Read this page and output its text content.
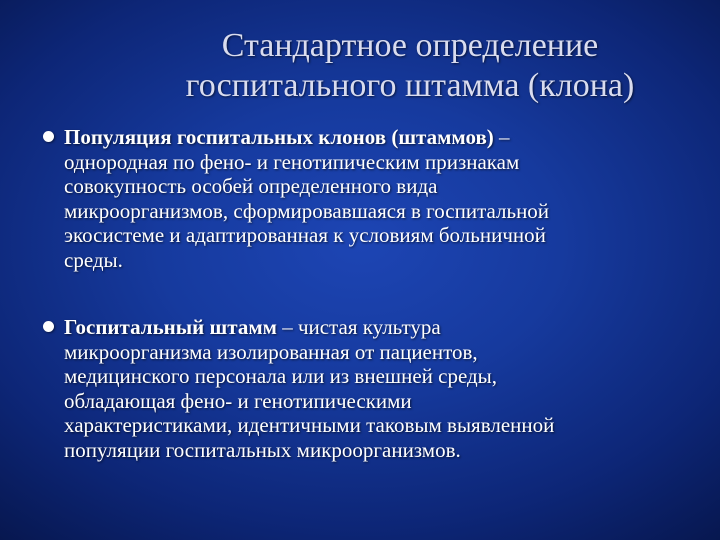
Стандартное определение
госпитального штамма (клона)
Популяция госпитальных клонов (штаммов) –
однородная по фено- и генотипическим признакам
совокупность особей определенного вида
микроорганизмов, сформировавшаяся в госпитальной
экосистеме и адаптированная к условиям больничной
среды.
Госпитальный штамм – чистая культура
микроорганизма изолированная от пациентов,
медицинского персонала или из внешней среды,
обладающая фено- и генотипическими
характеристиками, идентичными таковым выявленной
популяции госпитальных микроорганизмов.
